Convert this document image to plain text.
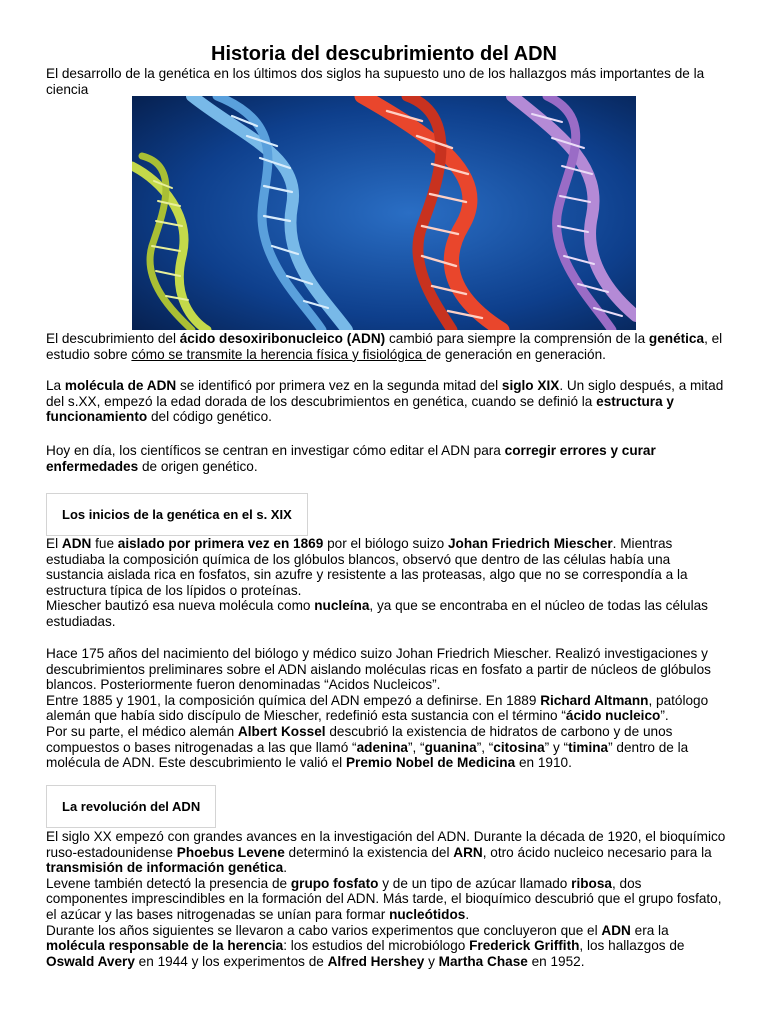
Historia del descubrimiento del ADN

El desarrollo de la genética en los últimos dos siglos ha supuesto uno de los hallazgos más importantes de la ciencia

El descubrimiento del ácido desoxiribonucleico (ADN) cambió para siempre la comprensión de la genética, el estudio sobre cómo se transmite la herencia física y fisiológica de generación en generación.

La molécula de ADN se identificó por primera vez en la segunda mitad del siglo XIX. Un siglo después, a mitad del s.XX, empezó la edad dorada de los descubrimientos en genética, cuando se definió la estructura y funcionamiento del código genético.

Hoy en día, los científicos se centran en investigar cómo editar el ADN para corregir errores y curar enfermedades de origen genético.

Los inicios de la genética en el s. XIX

El ADN fue aislado por primera vez en 1869 por el biólogo suizo Johan Friedrich Miescher. Mientras estudiaba la composición química de los glóbulos blancos, observó que dentro de las células había una sustancia aislada rica en fosfatos, sin azufre y resistente a las proteasas, algo que no se correspondía a la estructura típica de los lípidos o proteínas.

Miescher bautizó esa nueva molécula como nucleína, ya que se encontraba en el núcleo de todas las células estudiadas.

Hace 175 años del nacimiento del biólogo y médico suizo Johan Friedrich Miescher. Realizó investigaciones y descubrimientos preliminares sobre el ADN aislando moléculas ricas en fosfato a partir de núcleos de glóbulos blancos. Posteriormente fueron denominadas “Acidos Nucleicos”.

Entre 1885 y 1901, la composición química del ADN empezó a definirse. En 1889 Richard Altmann, patólogo alemán que había sido discípulo de Miescher, redefinió esta sustancia con el término “ácido nucleico”.

Por su parte, el médico alemán Albert Kossel descubrió la existencia de hidratos de carbono y de unos compuestos o bases nitrogenadas a las que llamó “adenina”, “guanina”, “citosina” y “timina” dentro de la molécula de ADN. Este descubrimiento le valió el Premio Nobel de Medicina en 1910.

La revolución del ADN

El siglo XX empezó con grandes avances en la investigación del ADN. Durante la década de 1920, el bioquímico ruso-estadounidense Phoebus Levene determinó la existencia del ARN, otro ácido nucleico necesario para la transmisión de información genética.

Levene también detectó la presencia de grupo fosfato y de un tipo de azúcar llamado ribosa, dos componentes imprescindibles en la formación del ADN. Más tarde, el bioquímico descubrió que el grupo fosfato, el azúcar y las bases nitrogenadas se unían para formar nucleótidos.

Durante los años siguientes se llevaron a cabo varios experimentos que concluyeron que el ADN era la molécula responsable de la herencia: los estudios del microbiólogo Frederick Griffith, los hallazgos de Oswald Avery en 1944 y los experimentos de Alfred Hershey y Martha Chase en 1952.
